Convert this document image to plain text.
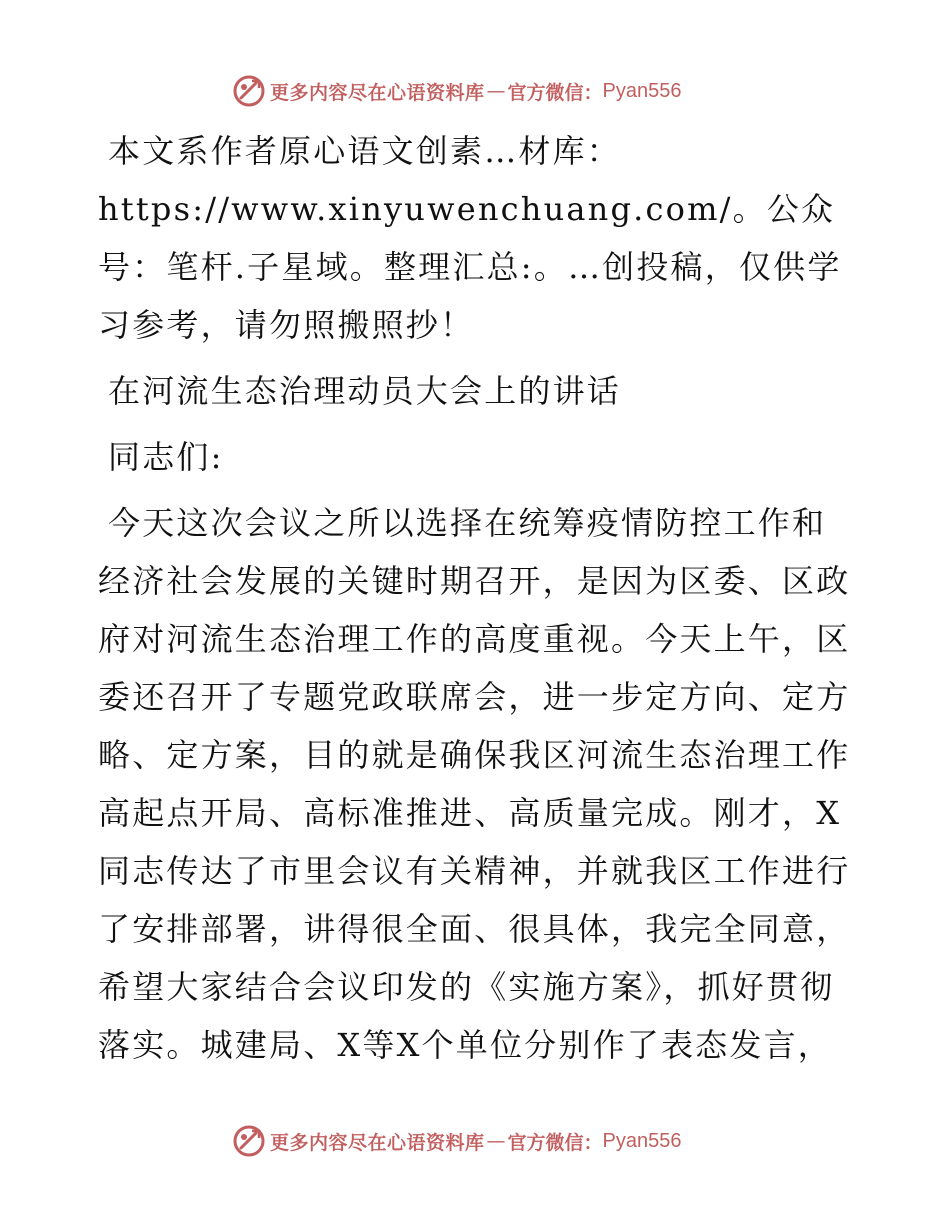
更多内容尽在心语资料库 — 官方微信： Pyan556

本文系作者原心语文创素…材库：https://www.xinyuwenchuang.com/。公众号：笔杆.子星域。整理汇总:。…创投稿，仅供学习参考，请勿照搬照抄！

在河流生态治理动员大会上的讲话

同志们:

今天这次会议之所以选择在统筹疫情防控工作和经济社会发展的关键时期召开，是因为区委、区政府对河流生态治理工作的高度重视。今天上午，区委还召开了专题党政联席会，进一步定方向、定方略、定方案，目的就是确保我区河流生态治理工作高起点开局、高标准推进、高质量完成。刚才，X同志传达了市里会议有关精神，并就我区工作进行了安排部署，讲得很全面、很具体，我完全同意，希望大家结合会议印发的《实施方案》，抓好贯彻落实。城建局、X等X个单位分别作了表态发言，

更多内容尽在心语资料库 — 官方微信： Pyan556
